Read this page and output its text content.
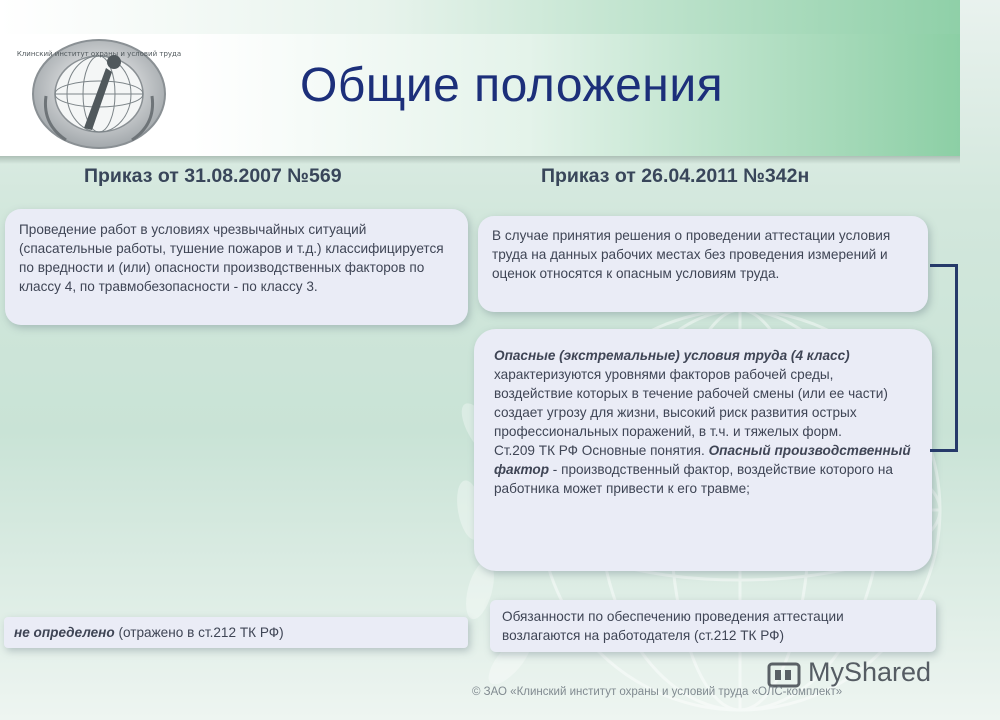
Клинский институт охраны и условий труда
Общие положения
Приказ от 31.08.2007 №569	Приказ от 26.04.2011 №342н
Проведение работ в условиях чрезвычайных ситуаций (спасательные работы, тушение пожаров и т.д.) классифицируется по вредности и (или) опасности производственных факторов по классу 4, по травмобезопасности - по классу 3.
В случае принятия решения о проведении аттестации условия труда на данных рабочих местах без проведения измерений и оценок относятся к опасным условиям труда.
Опасные (экстремальные) условия труда (4 класс) характеризуются уровнями факторов рабочей среды, воздействие которых в течение рабочей смены (или ее части) создает угрозу для жизни, высокий риск развития острых профессиональных поражений, в т.ч. и тяжелых форм.
Ст.209 ТК РФ Основные понятия. Опасный производственный фактор - производственный фактор, воздействие которого на работника может привести к его травме;
не определено (отражено в ст.212 ТК РФ)
Обязанности по обеспечению проведения аттестации возлагаются на работодателя (ст.212 ТК РФ)
MyShared
© ЗАО «Клинский институт охраны и условий труда «ОЛС-комплект»
